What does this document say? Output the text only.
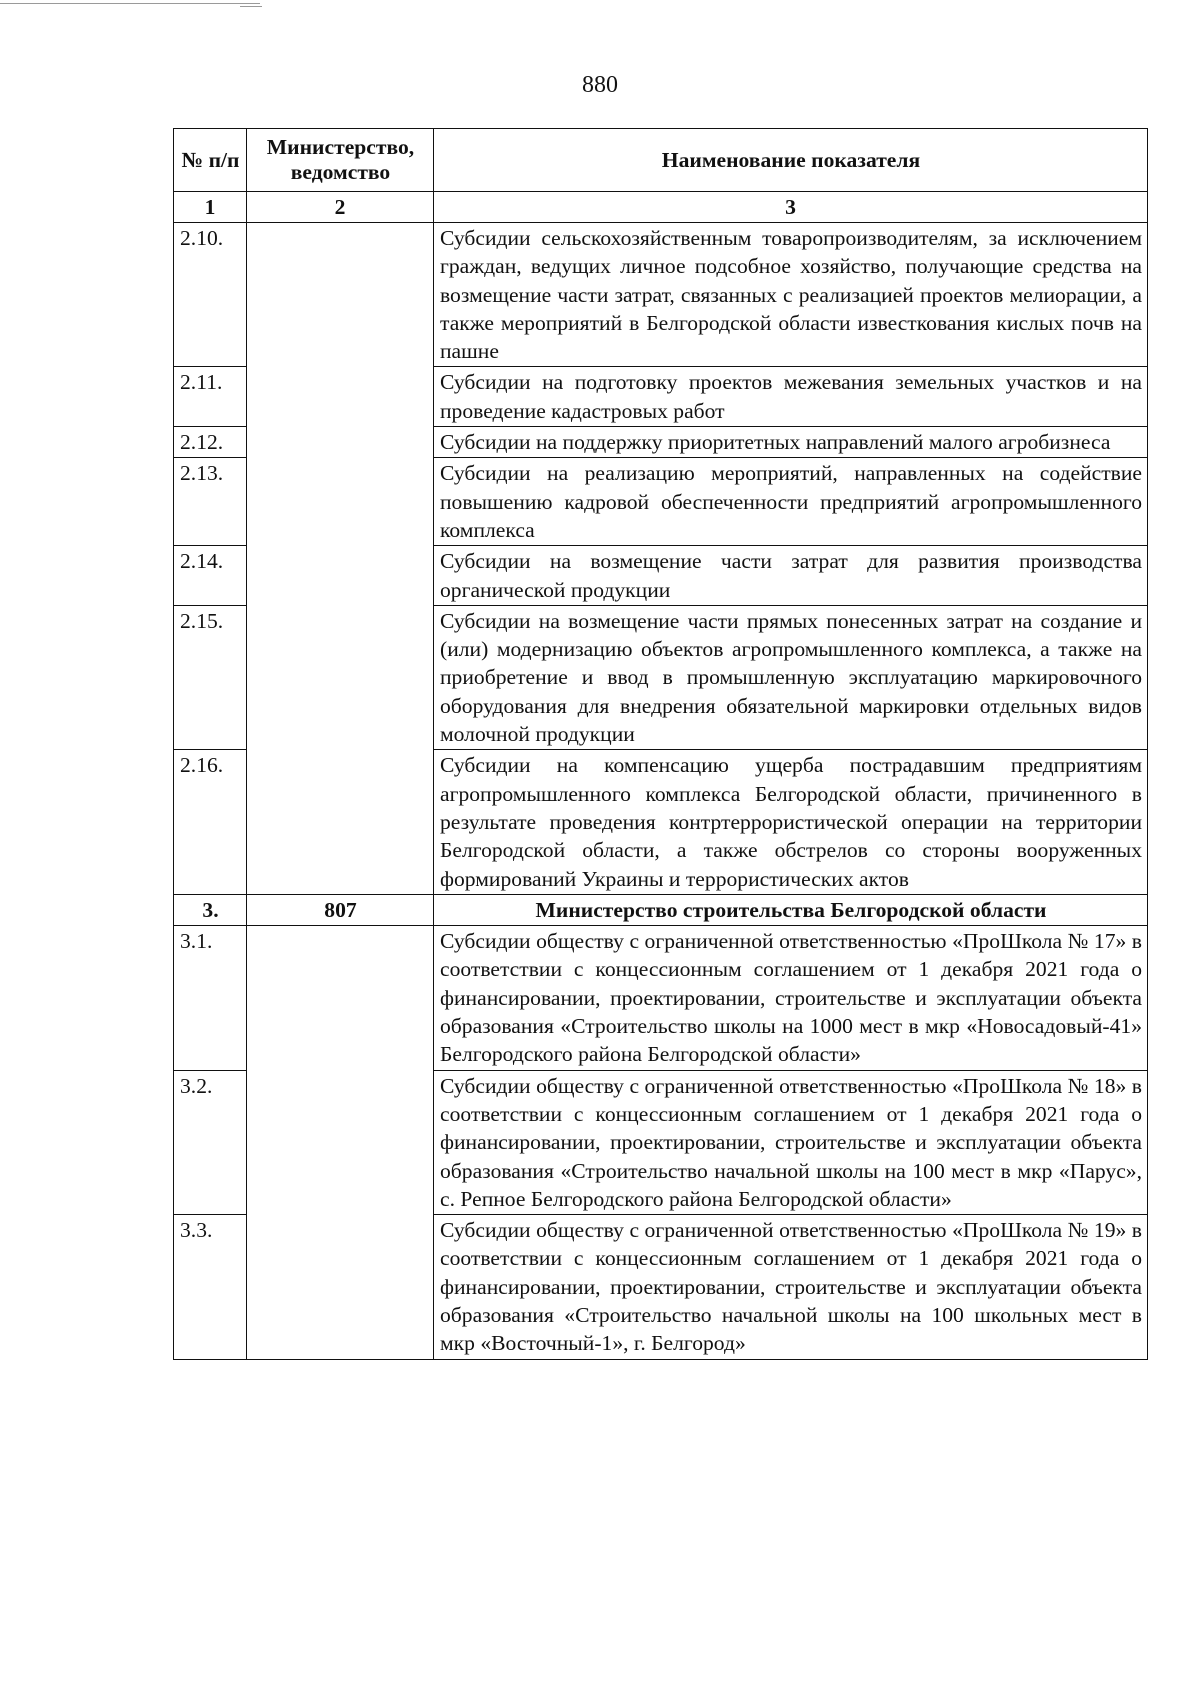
880
№ п/п	Министерство, ведомство	Наименование показателя
1	2	3
2.10.		Субсидии сельскохозяйственным товаропроизводителям, за исключением граждан, ведущих личное подсобное хозяйство, получающие средства на возмещение части затрат, связанных с реализацией проектов мелиорации, а также мероприятий в Белгородской области известкования кислых почв на пашне
2.11.		Субсидии на подготовку проектов межевания земельных участков и на проведение кадастровых работ
2.12.		Субсидии на поддержку приоритетных направлений малого агробизнеса
2.13.		Субсидии на реализацию мероприятий, направленных на содействие повышению кадровой обеспеченности предприятий агропромышленного комплекса
2.14.		Субсидии на возмещение части затрат для развития производства органической продукции
2.15.		Субсидии на возмещение части прямых понесенных затрат на создание и (или) модернизацию объектов агропромышленного комплекса, а также на приобретение и ввод в промышленную эксплуатацию маркировочного оборудования для внедрения обязательной маркировки отдельных видов молочной продукции
2.16.		Субсидии на компенсацию ущерба пострадавшим предприятиям агропромышленного комплекса Белгородской области, причиненного в результате проведения контртеррористической операции на территории Белгородской области, а также обстрелов со стороны вооруженных формирований Украины и террористических актов
3.	807	Министерство строительства Белгородской области
3.1.		Субсидии обществу с ограниченной ответственностью «ПроШкола № 17» в соответствии с концессионным соглашением от 1 декабря 2021 года о финансировании, проектировании, строительстве и эксплуатации объекта образования «Строительство школы на 1000 мест в мкр «Новосадовый-41» Белгородского района Белгородской области»
3.2.		Субсидии обществу с ограниченной ответственностью «ПроШкола № 18» в соответствии с концессионным соглашением от 1 декабря 2021 года о финансировании, проектировании, строительстве и эксплуатации объекта образования «Строительство начальной школы на 100 мест в мкр «Парус», с. Репное Белгородского района Белгородской области»
3.3.		Субсидии обществу с ограниченной ответственностью «ПроШкола № 19» в соответствии с концессионным соглашением от 1 декабря 2021 года о финансировании, проектировании, строительстве и эксплуатации объекта образования «Строительство начальной школы на 100 школьных мест в мкр «Восточный-1», г. Белгород»
